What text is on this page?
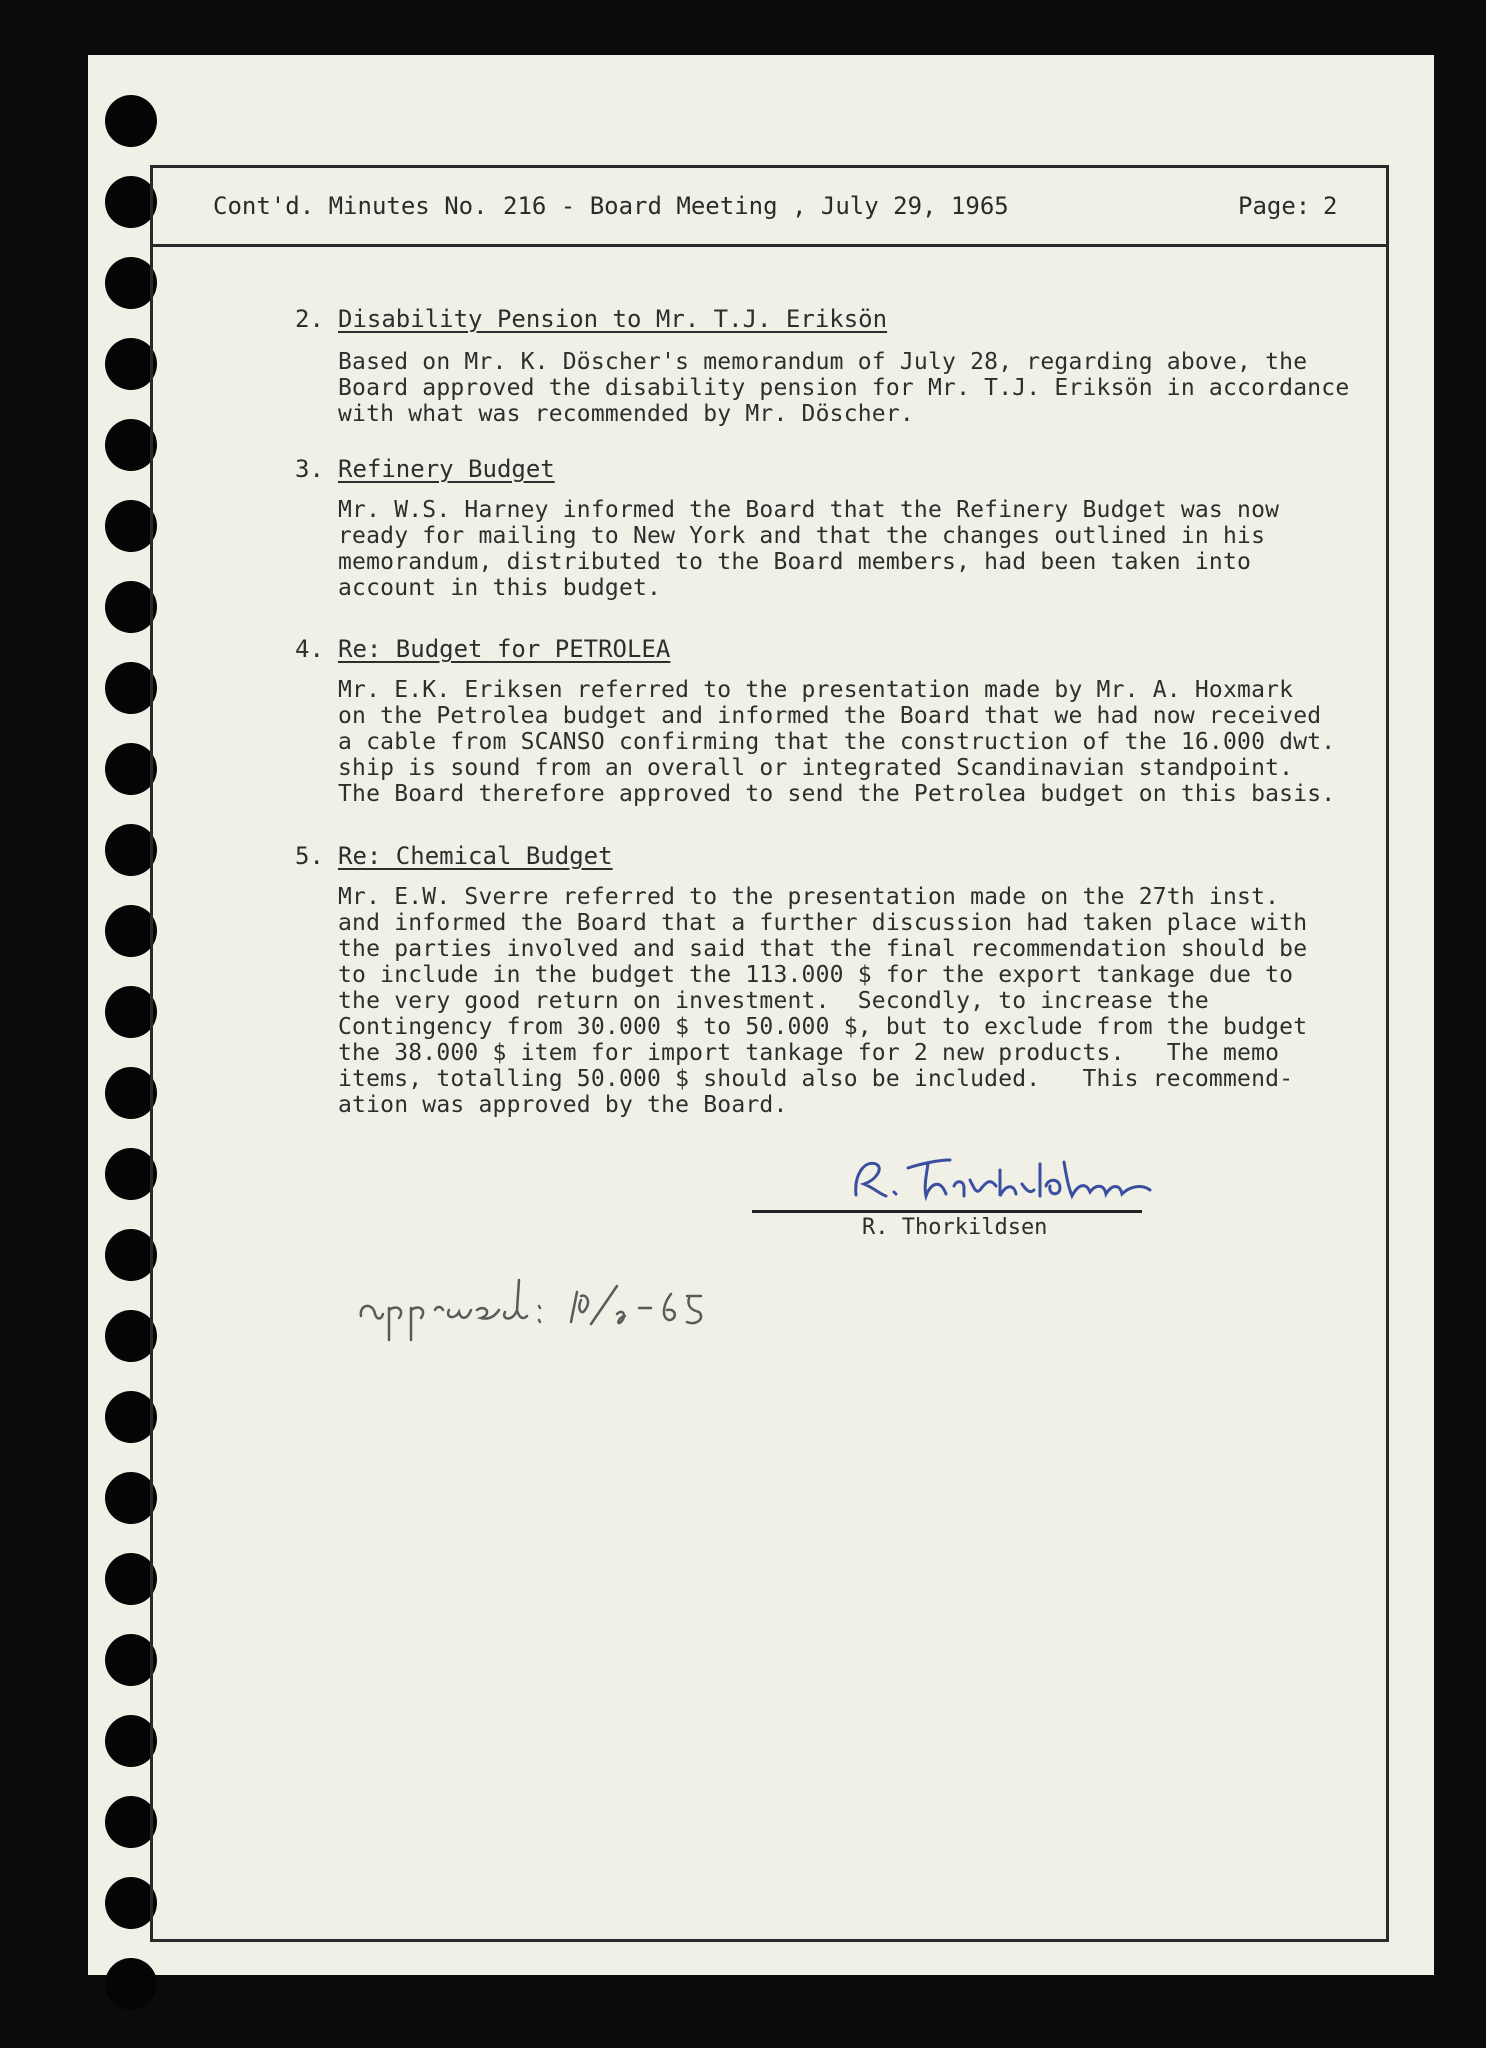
Cont'd. Minutes No. 216 - Board Meeting , July 29, 1965	Page: 2
2. Disability Pension to Mr. T.J. Eriksön
Based on Mr. K. Döscher's memorandum of July 28, regarding above, the
Board approved the disability pension for Mr. T.J. Eriksön in accordance
with what was recommended by Mr. Döscher.
3. Refinery Budget
Mr. W.S. Harney informed the Board that the Refinery Budget was now
ready for mailing to New York and that the changes outlined in his
memorandum, distributed to the Board members, had been taken into
account in this budget.
4. Re: Budget for PETROLEA
Mr. E.K. Eriksen referred to the presentation made by Mr. A. Hoxmark
on the Petrolea budget and informed the Board that we had now received
a cable from SCANSO confirming that the construction of the 16.000 dwt.
ship is sound from an overall or integrated Scandinavian standpoint.
The Board therefore approved to send the Petrolea budget on this basis.
5. Re: Chemical Budget
Mr. E.W. Sverre referred to the presentation made on the 27th inst.
and informed the Board that a further discussion had taken place with
the parties involved and said that the final recommendation should be
to include in the budget the 113.000 $ for the export tankage due to
the very good return on investment.  Secondly, to increase the
Contingency from 30.000 $ to 50.000 $, but to exclude from the budget
the 38.000 $ item for import tankage for 2 new products.   The memo
items, totalling 50.000 $ should also be included.   This recommend-
ation was approved by the Board.
R. Thorkildsen
